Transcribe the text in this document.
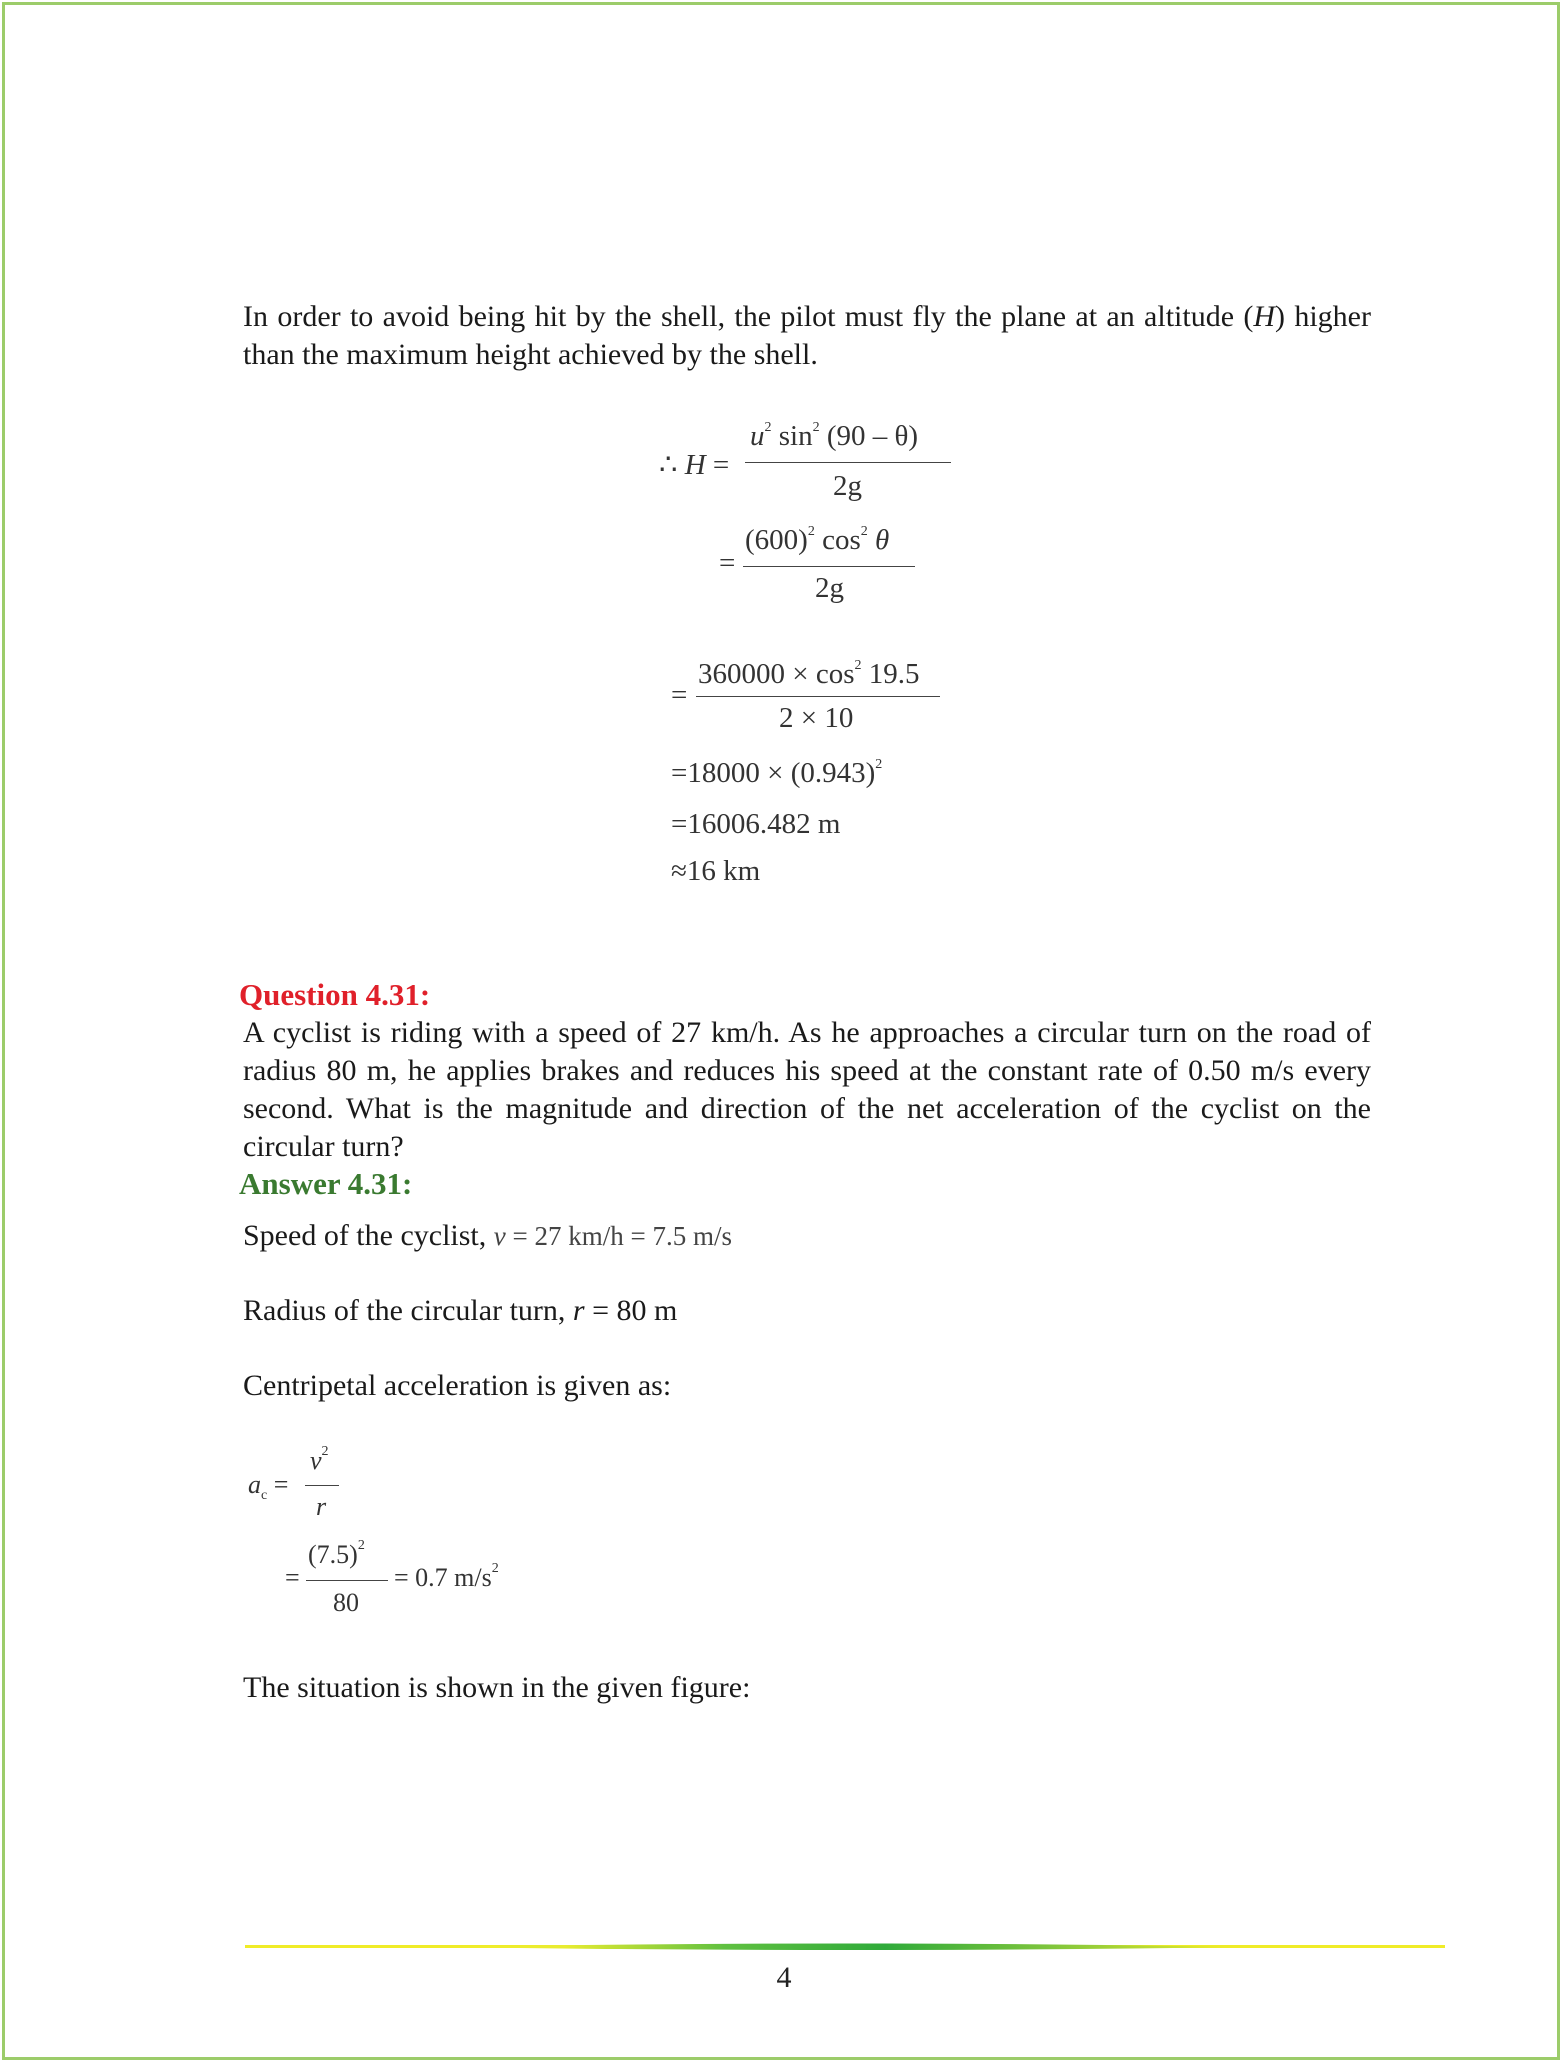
In order to avoid being hit by the shell, the pilot must fly the plane at an altitude (H) higher than the maximum height achieved by the shell.

∴ H =
$u^2$ $\sin^2 (90 - \theta)$
2g
=
$(600)^2$ $\cos^2 \theta$
2g
=
$360000 \times \cos^2 19.5$
2 × 10
$=18000 \times (0.943)^2$
=16006.482 m
≈16 km
Question 4.31:

A cyclist is riding with a speed of 27 km/h. As he approaches a circular turn on the road of radius 80 m, he applies brakes and reduces his speed at the constant rate of 0.50 m/s every second. What is the magnitude and direction of the net acceleration of the cyclist on the circular turn?

Answer 4.31:

Speed of the cyclist, v = 27 km/h = 7.5 m/s

Radius of the circular turn, r = 80 m

Centripetal acceleration is given as:

$a_c$ =
$v^2$
r
=
$(7.5)^2$
80
= 0.7 $m/s^2$

The situation is shown in the given figure:

4
